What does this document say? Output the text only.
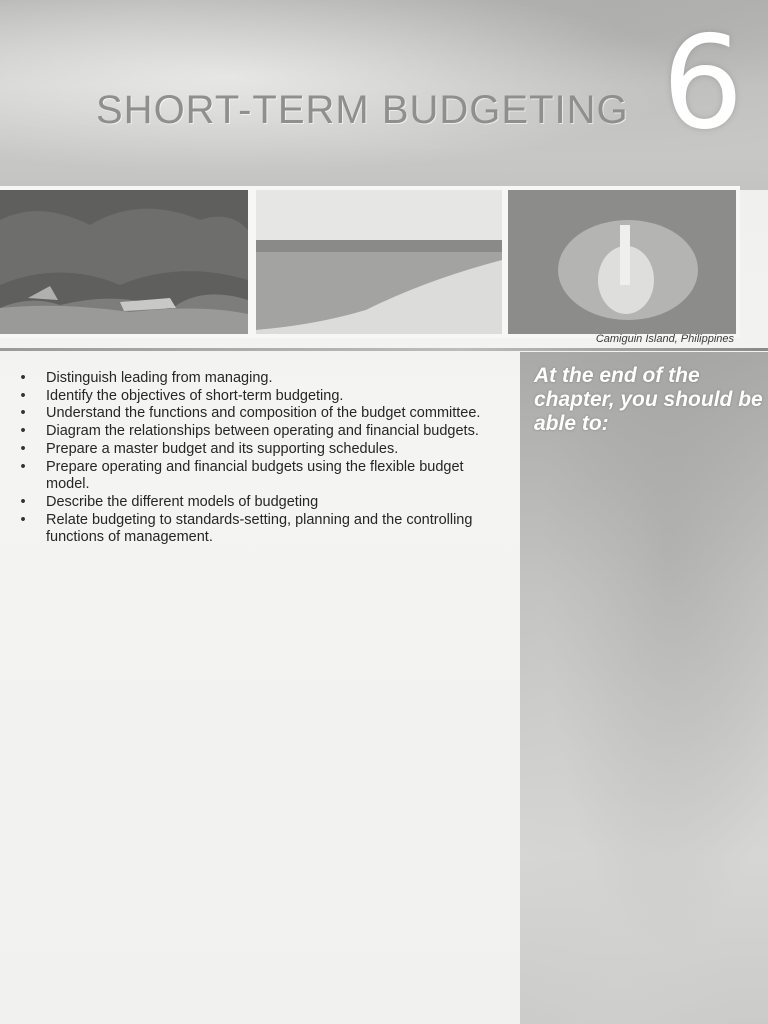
SHORT-TERM BUDGETING 6
Camiguin Island, Philippines
• Distinguish leading from managing.
• Identify the objectives of short-term budgeting.
• Understand the functions and composition of the budget committee.
• Diagram the relationships between operating and financial budgets.
• Prepare a master budget and its supporting schedules.
• Prepare operating and financial budgets using the flexible budget model.
• Describe the different models of budgeting
• Relate budgeting to standards-setting, planning and the controlling functions of management.
At the end of the chapter, you should be able to:
